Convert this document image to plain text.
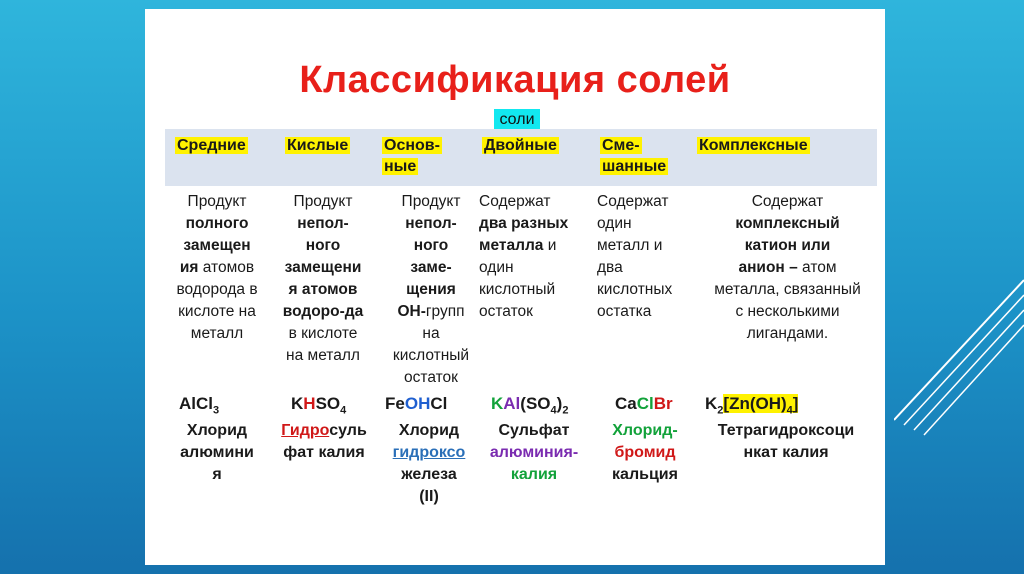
Классификация солей
соли
Средние
Продукт
полного
замещен
ия атомов
водорода в
кислоте на
металл
AlCl$_3$
Хлорид
алюмини
я
Кислые
Продукт
непол-
ного
замещени
я атомов
водоро-да
в кислоте
на металл
$KHSO_4$
Гидросуль
фат калия
Основ-
ные
Продукт
непол-
ного
заме-
щения
ОН-групп
на
кислотный
остаток
FeOHCl
Хлорид
гидроксо
железа
(II)
Двойные
Содержат
два разных
металла и
один
кислотный
остаток
$KAl(SO_4)_2$
Сульфат
алюминия-
калия
Сме-
шанные
Содержат
один
металл и
два
кислотных
остатка
CaClBr
Хлорид-
бромид
кальция
Комплексные
Содержат
комплексный
катион или
анион – атом
металла, связанный
с несколькими
лигандами.
$K_2[Zn(OH)_4]$
Тетрагидроксоци
нкат калия
